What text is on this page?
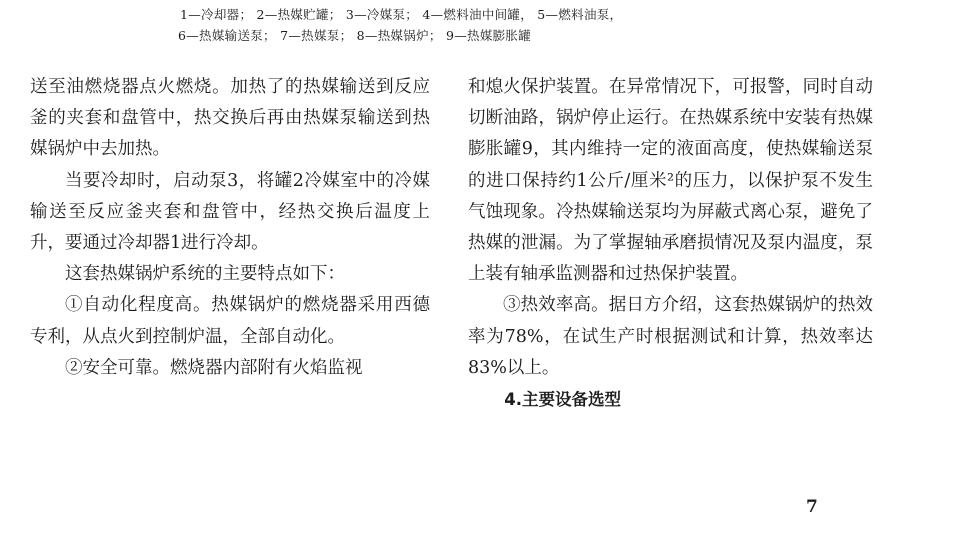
1—冷却器； 2—热媒贮罐； 3—冷媒泵； 4—燃料油中间罐， 5—燃料油泵，
6—热媒输送泵； 7—热媒泵； 8—热媒锅炉； 9—热媒膨胀罐

送至油燃烧器点火燃烧。加热了的热媒输送到反应釜的夹套和盘管中，热交换后再由热媒泵输送到热媒锅炉中去加热。

当要冷却时，启动泵3，将罐2冷媒室中的冷媒输送至反应釜夹套和盘管中，经热交换后温度上升，要通过冷却器1进行冷却。

这套热媒锅炉系统的主要特点如下：

①自动化程度高。热媒锅炉的燃烧器采用西德专利，从点火到控制炉温，全部自动化。

②安全可靠。燃烧器内部附有火焰监视

和熄火保护装置。在异常情况下，可报警，同时自动切断油路，锅炉停止运行。在热媒系统中安装有热媒膨胀罐9，其内维持一定的液面高度，使热媒输送泵的进口保持约1公斤/厘米²的压力，以保护泵不发生气蚀现象。冷热媒输送泵均为屏蔽式离心泵，避免了热媒的泄漏。为了掌握轴承磨损情况及泵内温度，泵上装有轴承监测器和过热保护装置。

③热效率高。据日方介绍，这套热媒锅炉的热效率为78%，在试生产时根据测试和计算，热效率达83%以上。

4.主要设备选型

7
